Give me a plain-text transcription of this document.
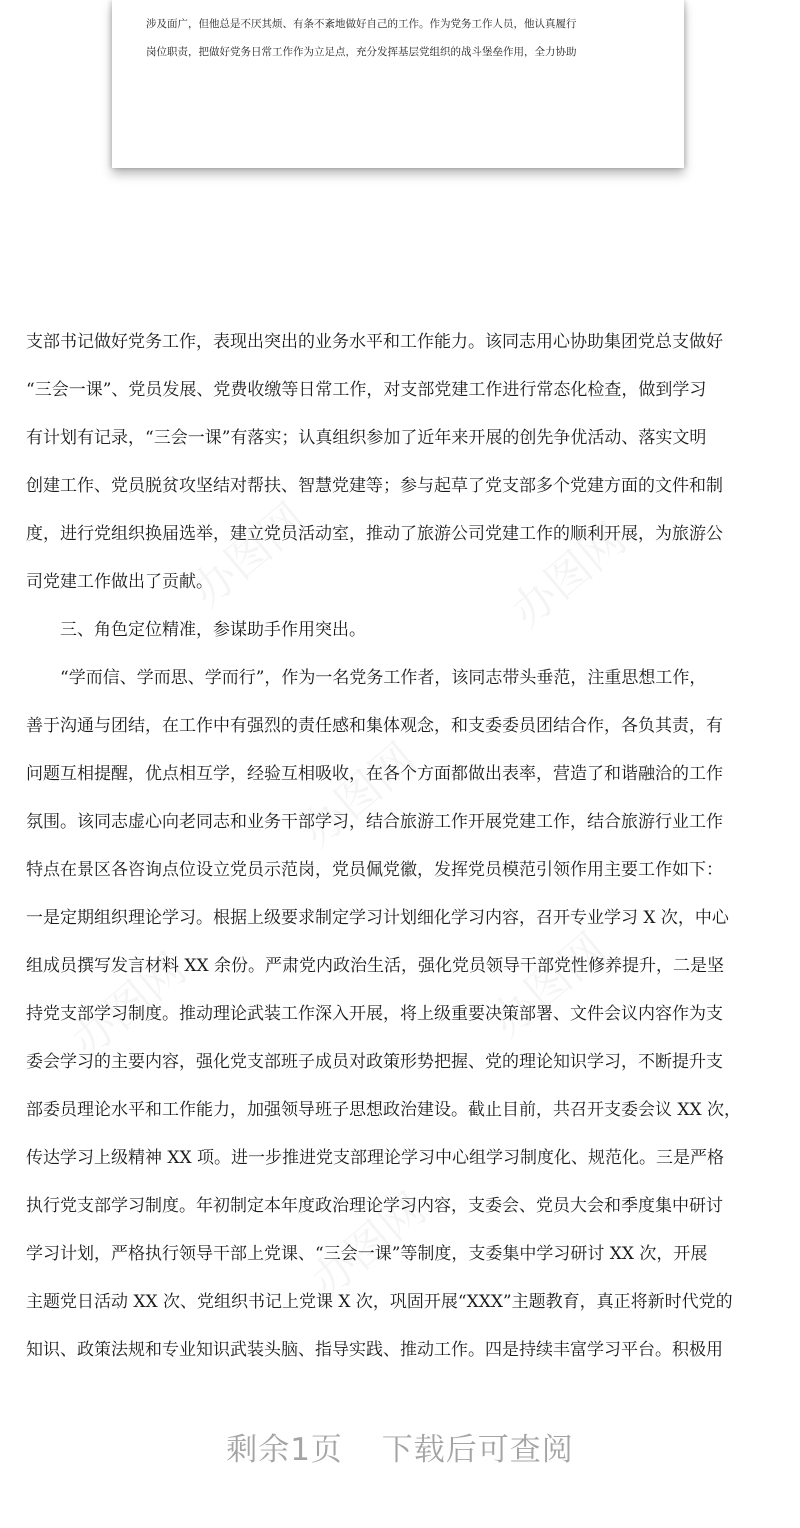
涉及面广，但他总是不厌其烦、有条不紊地做好自己的工作。作为党务工作人员，他认真履行
岗位职责，把做好党务日常工作作为立足点，充分发挥基层党组织的战斗堡垒作用，全力协助

支部书记做好党务工作，表现出突出的业务水平和工作能力。该同志用心协助集团党总支做好

“三会一课”、党员发展、党费收缴等日常工作，对支部党建工作进行常态化检查，做到学习

有计划有记录，“三会一课”有落实；认真组织参加了近年来开展的创先争优活动、落实文明

创建工作、党员脱贫攻坚结对帮扶、智慧党建等；参与起草了党支部多个党建方面的文件和制

度，进行党组织换届选举，建立党员活动室，推动了旅游公司党建工作的顺利开展，为旅游公

司党建工作做出了贡献。

三、角色定位精准，参谋助手作用突出。

“学而信、学而思、学而行”，作为一名党务工作者，该同志带头垂范，注重思想工作，

善于沟通与团结，在工作中有强烈的责任感和集体观念，和支委委员团结合作，各负其责，有

问题互相提醒，优点相互学，经验互相吸收，在各个方面都做出表率，营造了和谐融洽的工作

氛围。该同志虚心向老同志和业务干部学习，结合旅游工作开展党建工作，结合旅游行业工作

特点在景区各咨询点位设立党员示范岗，党员佩党徽，发挥党员模范引领作用主要工作如下：

一是定期组织理论学习。根据上级要求制定学习计划细化学习内容，召开专业学习 X 次，中心

组成员撰写发言材料 XX 余份。严肃党内政治生活，强化党员领导干部党性修养提升，二是坚

持党支部学习制度。推动理论武装工作深入开展，将上级重要决策部署、文件会议内容作为支

委会学习的主要内容，强化党支部班子成员对政策形势把握、党的理论知识学习，不断提升支

部委员理论水平和工作能力，加强领导班子思想政治建设。截止目前，共召开支委会议 XX 次，

传达学习上级精神 XX 项。进一步推进党支部理论学习中心组学习制度化、规范化。三是严格

执行党支部学习制度。年初制定本年度政治理论学习内容，支委会、党员大会和季度集中研讨

学习计划，严格执行领导干部上党课、“三会一课”等制度，支委集中学习研讨 XX 次，开展

主题党日活动 XX 次、党组织书记上党课 X 次，巩固开展“XXX”主题教育，真正将新时代党的

知识、政策法规和专业知识武装头脑、指导实践、推动工作。四是持续丰富学习平台。积极用

剩余1页 下载后可查阅
